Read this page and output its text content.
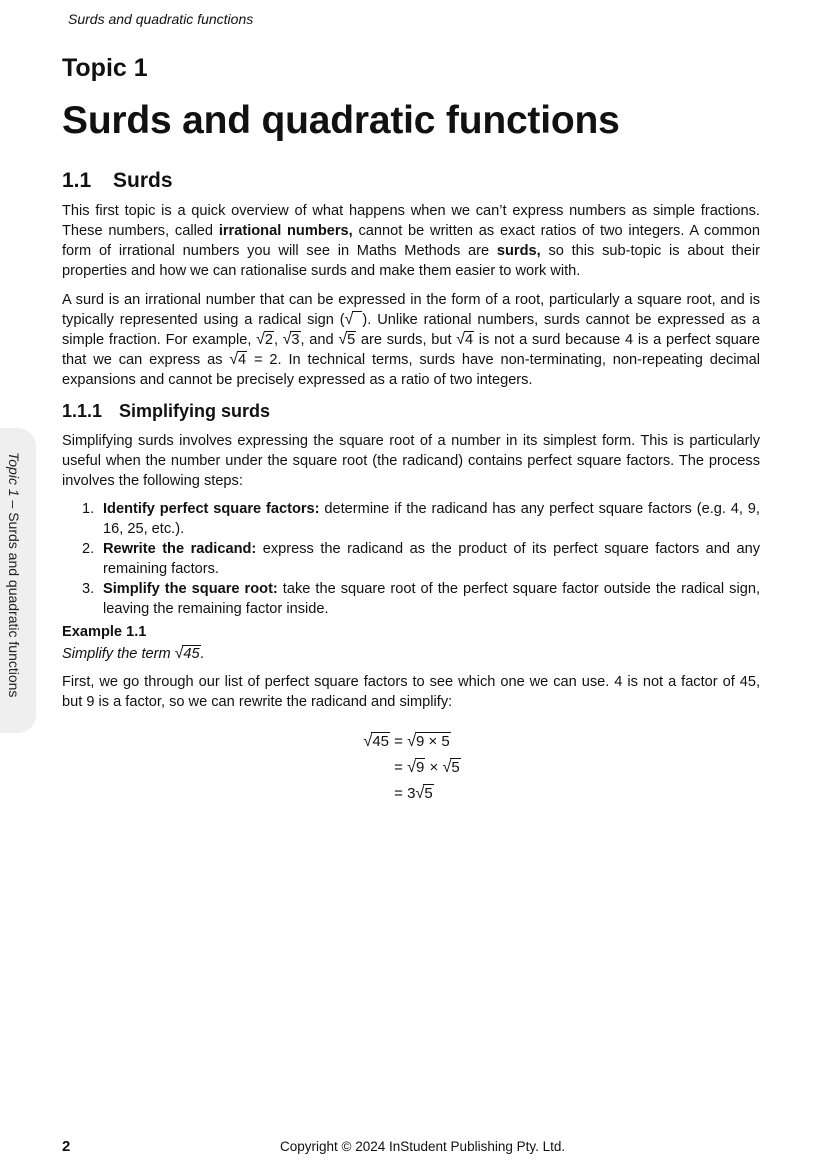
Surds and quadratic functions
Topic 1
Surds and quadratic functions
1.1 Surds

This first topic is a quick overview of what happens when we can’t express numbers as simple fractions. These numbers, called irrational numbers, cannot be written as exact ratios of two integers. A common form of irrational numbers you will see in Maths Methods are surds, so this sub-topic is about their properties and how we can rationalise surds and make them easier to work with.

A surd is an irrational number that can be expressed in the form of a root, particularly a square root, and is typically represented using a radical sign (√ ). Unlike rational numbers, surds cannot be expressed as a simple fraction. For example, √2, √3, and √5 are surds, but √4 is not a surd because 4 is a perfect square that we can express as √4 = 2. In technical terms, surds have non-terminating, non-repeating decimal expansions and cannot be precisely expressed as a ratio of two integers.

1.1.1 Simplifying surds

Simplifying surds involves expressing the square root of a number in its simplest form. This is particularly useful when the number under the square root (the radicand) contains perfect square factors. The process involves the following steps:

1. Identify perfect square factors: determine if the radicand has any perfect square factors (e.g. 4, 9, 16, 25, etc.).
2. Rewrite the radicand: express the radicand as the product of its perfect square factors and any remaining factors.
3. Simplify the square root: take the square root of the perfect square factor outside the radical sign, leaving the remaining factor inside.
Example 1.1
Simplify the term √45.

First, we go through our list of perfect square factors to see which one we can use. 4 is not a factor of 45, but 9 is a factor, so we can rewrite the radicand and simplify:

√45 = √9 × 5
= √9 × √5
= 3√5
Topic 1 – Surds and quadratic functions
2	Copyright © 2024 InStudent Publishing Pty. Ltd.
